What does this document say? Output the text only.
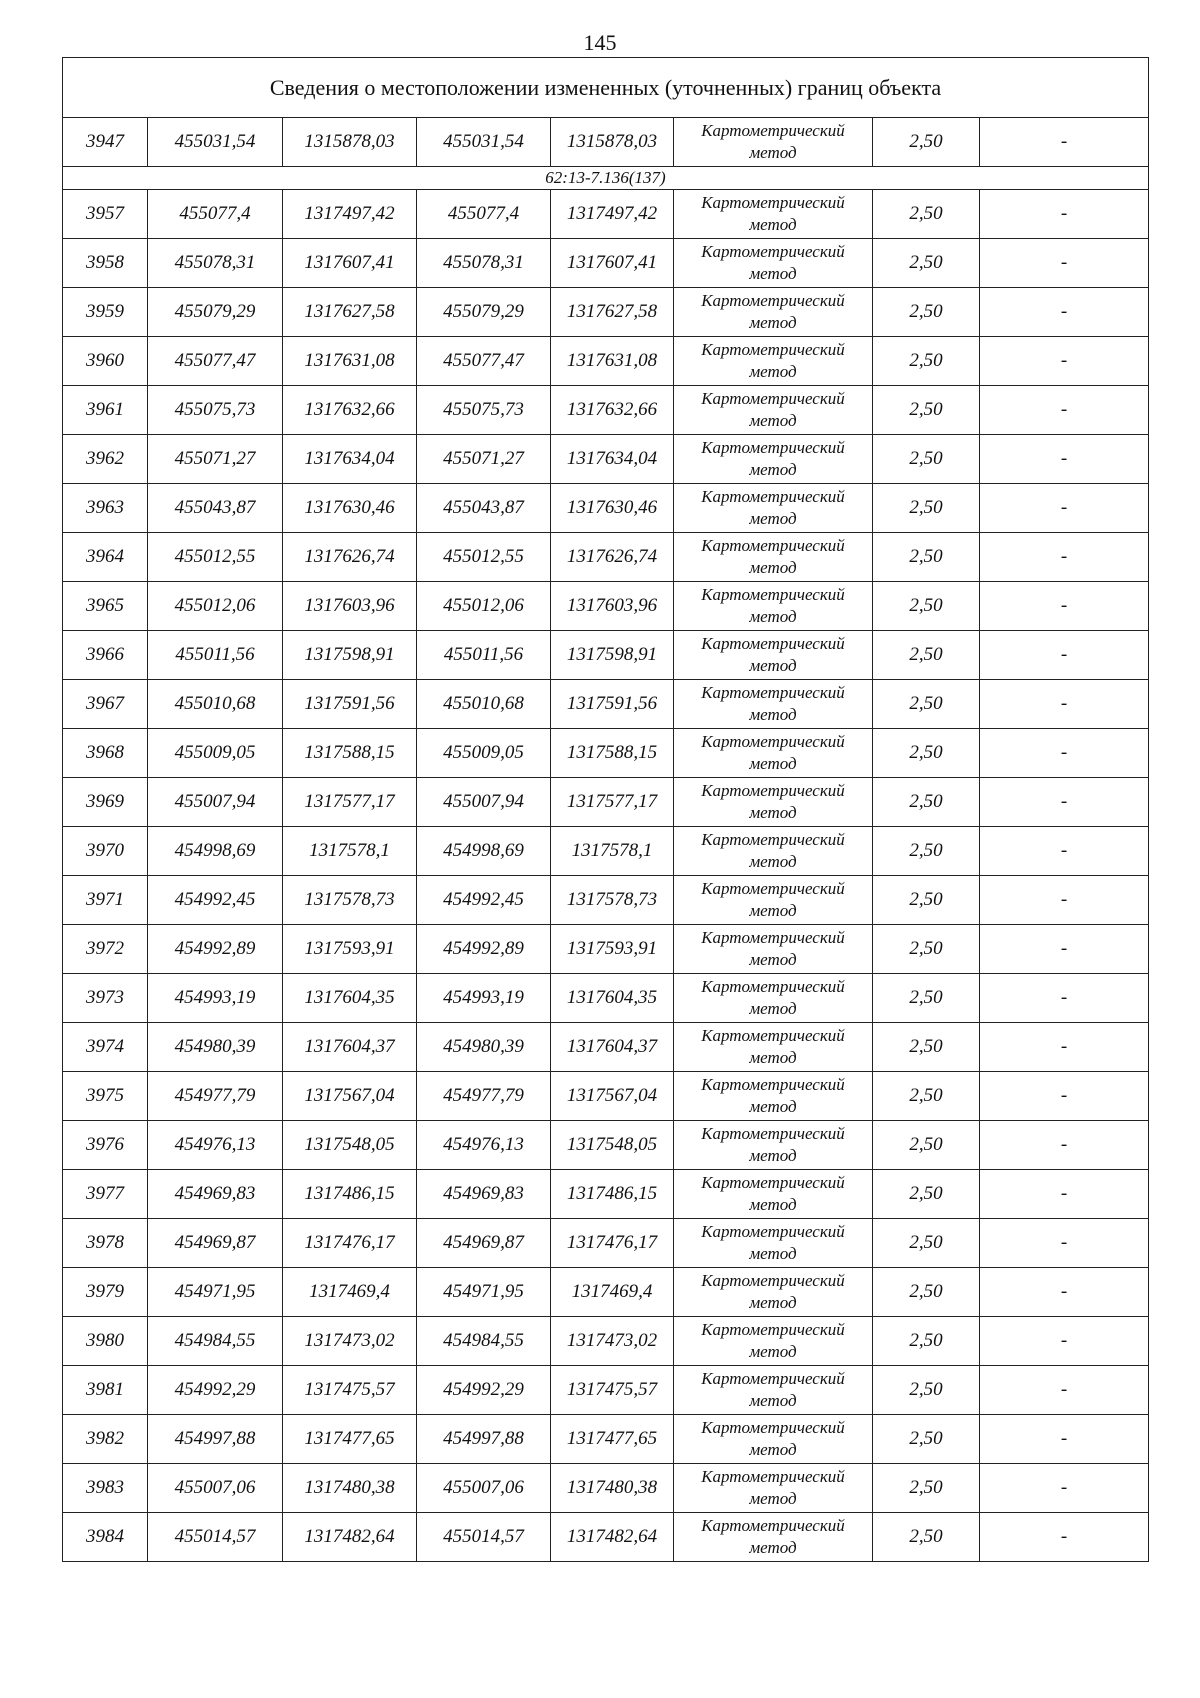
145
Сведения о местоположении измененных (уточненных) границ объекта							
3947	455031,54	1315878,03	455031,54	1315878,03	Картометрический
метод	2,50	-
62:13-7.136(137)							
3957	455077,4	1317497,42	455077,4	1317497,42	Картометрический
метод	2,50	-
3958	455078,31	1317607,41	455078,31	1317607,41	Картометрический
метод	2,50	-
3959	455079,29	1317627,58	455079,29	1317627,58	Картометрический
метод	2,50	-
3960	455077,47	1317631,08	455077,47	1317631,08	Картометрический
метод	2,50	-
3961	455075,73	1317632,66	455075,73	1317632,66	Картометрический
метод	2,50	-
3962	455071,27	1317634,04	455071,27	1317634,04	Картометрический
метод	2,50	-
3963	455043,87	1317630,46	455043,87	1317630,46	Картометрический
метод	2,50	-
3964	455012,55	1317626,74	455012,55	1317626,74	Картометрический
метод	2,50	-
3965	455012,06	1317603,96	455012,06	1317603,96	Картометрический
метод	2,50	-
3966	455011,56	1317598,91	455011,56	1317598,91	Картометрический
метод	2,50	-
3967	455010,68	1317591,56	455010,68	1317591,56	Картометрический
метод	2,50	-
3968	455009,05	1317588,15	455009,05	1317588,15	Картометрический
метод	2,50	-
3969	455007,94	1317577,17	455007,94	1317577,17	Картометрический
метод	2,50	-
3970	454998,69	1317578,1	454998,69	1317578,1	Картометрический
метод	2,50	-
3971	454992,45	1317578,73	454992,45	1317578,73	Картометрический
метод	2,50	-
3972	454992,89	1317593,91	454992,89	1317593,91	Картометрический
метод	2,50	-
3973	454993,19	1317604,35	454993,19	1317604,35	Картометрический
метод	2,50	-
3974	454980,39	1317604,37	454980,39	1317604,37	Картометрический
метод	2,50	-
3975	454977,79	1317567,04	454977,79	1317567,04	Картометрический
метод	2,50	-
3976	454976,13	1317548,05	454976,13	1317548,05	Картометрический
метод	2,50	-
3977	454969,83	1317486,15	454969,83	1317486,15	Картометрический
метод	2,50	-
3978	454969,87	1317476,17	454969,87	1317476,17	Картометрический
метод	2,50	-
3979	454971,95	1317469,4	454971,95	1317469,4	Картометрический
метод	2,50	-
3980	454984,55	1317473,02	454984,55	1317473,02	Картометрический
метод	2,50	-
3981	454992,29	1317475,57	454992,29	1317475,57	Картометрический
метод	2,50	-
3982	454997,88	1317477,65	454997,88	1317477,65	Картометрический
метод	2,50	-
3983	455007,06	1317480,38	455007,06	1317480,38	Картометрический
метод	2,50	-
3984	455014,57	1317482,64	455014,57	1317482,64	Картометрический
метод	2,50	-
